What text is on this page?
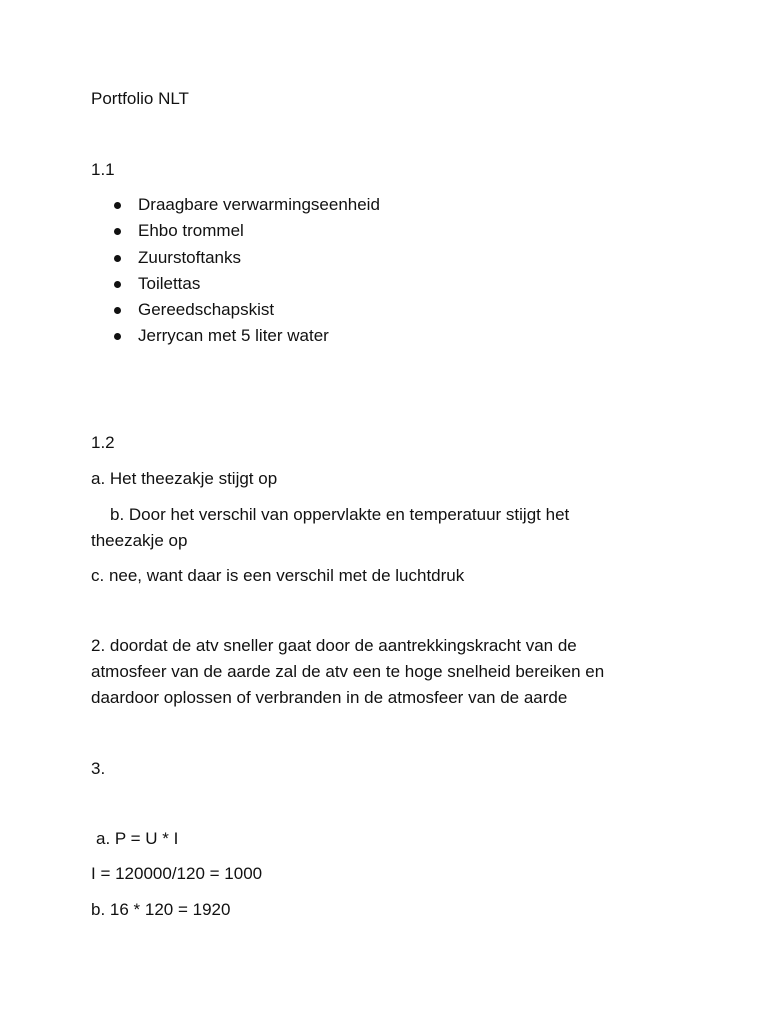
Portfolio NLT

1.1

Draagbare verwarmingseenheid
Ehbo trommel
Zuurstoftanks
Toilettas
Gereedschapskist
Jerrycan met 5 liter water

1.2

a. Het theezakje stijgt op

b. Door het verschil van oppervlakte en temperatuur stijgt het

theezakje op

c. nee, want daar is een verschil met de luchtdruk

2. doordat de atv sneller gaat door de aantrekkingskracht van de

atmosfeer van de aarde zal de atv een te hoge snelheid bereiken en

daardoor oplossen of verbranden in de atmosfeer van de aarde

3.

a. P = U * I

I = 120000/120 = 1000

b. 16 * 120 = 1920
